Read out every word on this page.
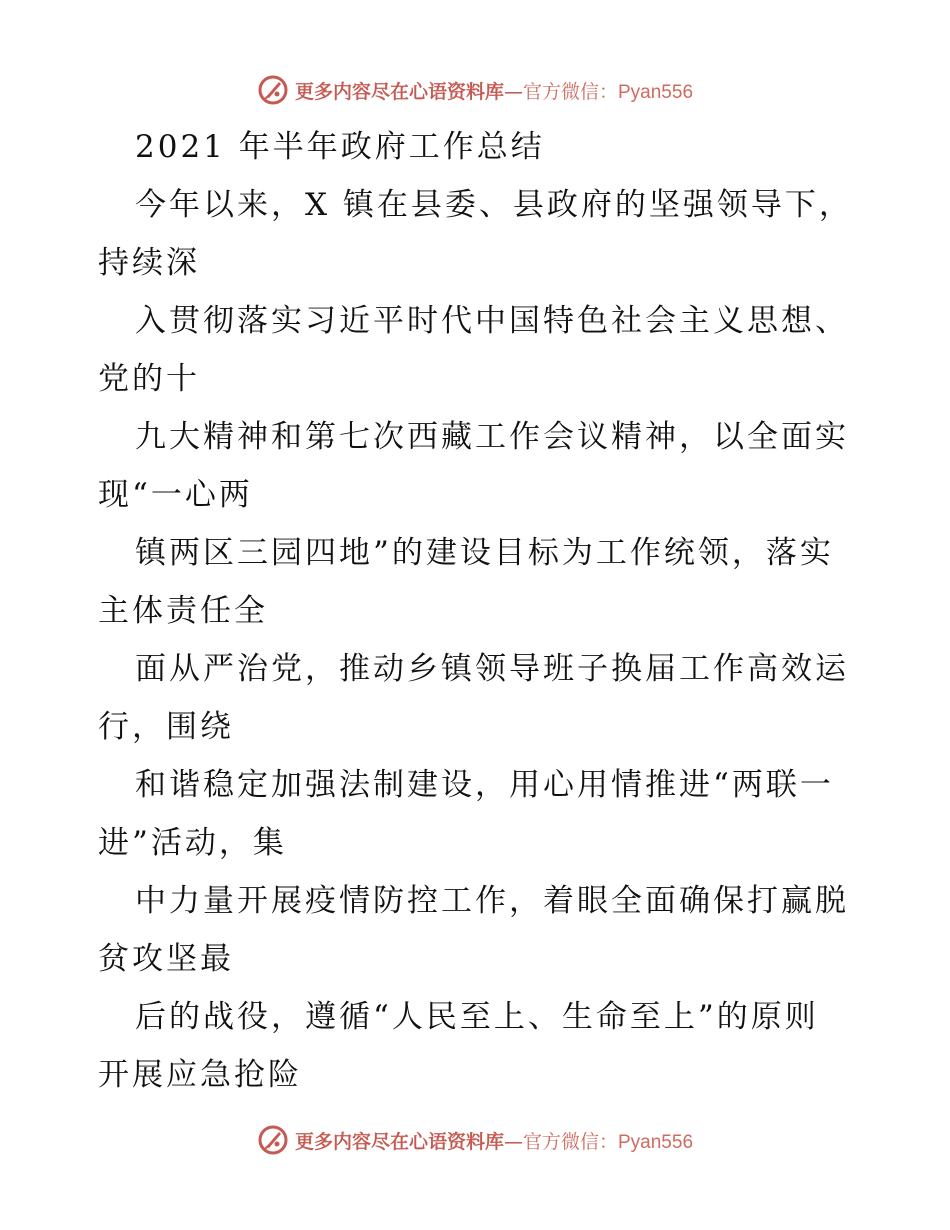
更多内容尽在心语资料库—官方微信：Pyan556
2021 年半年政府工作总结
今年以来，X 镇在县委、县政府的坚强领导下，
持续深
入贯彻落实习近平时代中国特色社会主义思想、
党的十
九大精神和第七次西藏工作会议精神，以全面实
现“一心两
镇两区三园四地”的建设目标为工作统领，落实
主体责任全
面从严治党，推动乡镇领导班子换届工作高效运
行，围绕
和谐稳定加强法制建设，用心用情推进“两联一
进”活动，集
中力量开展疫情防控工作，着眼全面确保打赢脱
贫攻坚最
后的战役，遵循“人民至上、生命至上”的原则
开展应急抢险
更多内容尽在心语资料库—官方微信：Pyan556
